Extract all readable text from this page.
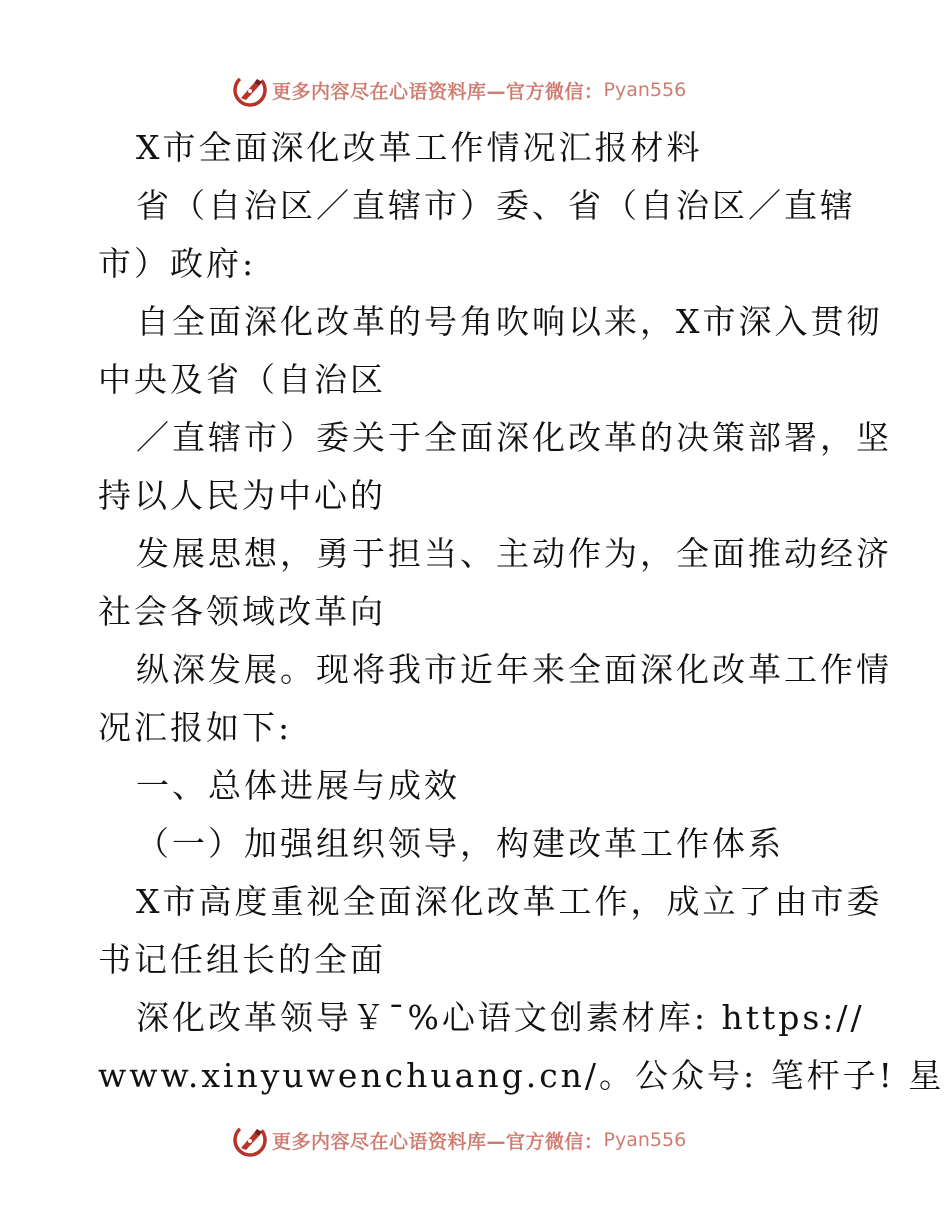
更多内容尽在心语资料库—官方微信： Pyan556
X市全面深化改革工作情况汇报材料
省（自治区／直辖市）委、省（自治区／直辖
市）政府:
自全面深化改革的号角吹响以来，X市深入贯彻
中央及省（自治区
／直辖市）委关于全面深化改革的决策部署，坚
持以人民为中心的
发展思想，勇于担当、主动作为，全面推动经济
社会各领域改革向
纵深发展。现将我市近年来全面深化改革工作情
况汇报如下:
一、总体进展与成效
（一）加强组织领导，构建改革工作体系
X市高度重视全面深化改革工作，成立了由市委
书记任组长的全面
深化改革领导￥¯%心语文创素材库: https://
www.xinyuwenchuang.cn/。公众号: 笔杆子! 星
更多内容尽在心语资料库—官方微信： Pyan556
